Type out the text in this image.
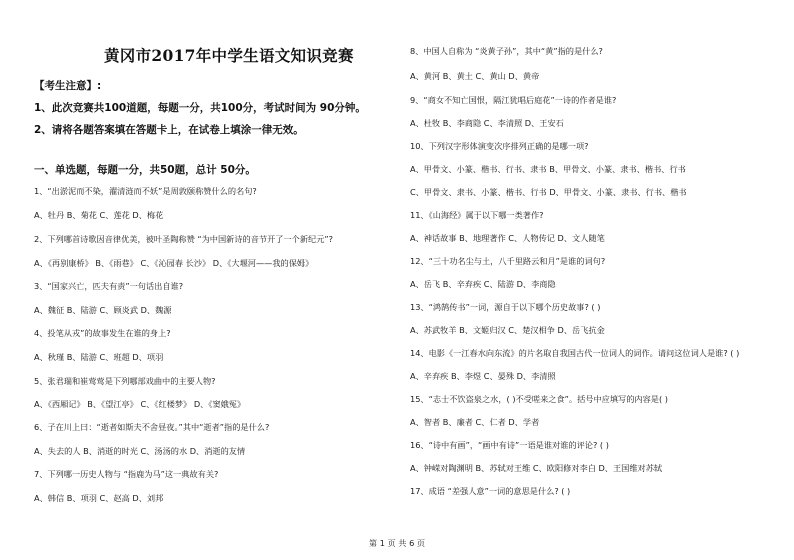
黄冈市2017年中学生语文知识竞赛
【考生注意】:
1、此次竞赛共100道题，每题一分，共100分，考试时间为 90分钟。
2、请将各题答案填在答题卡上，在试卷上填涂一律无效。
一、单选题，每题一分，共50题，总计 50分。
1、“出淤泥而不染，濯清涟而不妖”是周敦颐称赞什么的名句?
A、牡丹 B、菊花 C、莲花 D、梅花
2、下列哪首诗歌因音律优美，被叶圣陶称赞 “为中国新诗的音节开了一个新纪元”?
A、《再别康桥》 B、《雨巷》 C、《沁园春 长沙》 D、《大堰河——我的保姆》
3、“国家兴亡，匹夫有责”一句话出自谁?
A、魏征 B、陆游 C、顾炎武 D、魏源
4、投笔从戎”的故事发生在谁的身上?
A、秋瑾 B、陆游 C、班超 D、项羽
5、张君瑞和崔莺莺是下列哪部戏曲中的主要人物?
A、《西厢记》 B、《望江亭》 C、《红楼梦》 D、《窦娥冤》
6、子在川上曰：“逝者如斯夫不舍昼夜。”其中“逝者”指的是什么?
A、失去的人 B、消逝的时光 C、汤汤的水 D、消逝的友情
7、下列哪一历史人物与 “指鹿为马”这一典故有关?
A、韩信 B、项羽 C、赵高 D、刘邦
8、中国人自称为 “炎黄子孙”，其中“黄”指的是什么?
A、黄河 B、黄土 C、黄山 D、黄帝
9、“商女不知亡国恨，隔江犹唱后庭花”一诗的作者是谁?
A、杜牧 B、李商隐 C、李清照 D、王安石
10、下列汉字形体演变次序排列正确的是哪一项?
A、甲骨文、小篆、楷书、行书、隶书 B、甲骨文、小篆、隶书、楷书、行书
C、甲骨文、隶书、小篆、楷书、行书 D、甲骨文、小篆、隶书、行书、楷书
11、《山海经》属于以下哪一类著作?
A、神话故事 B、地理著作 C、人物传记 D、文人随笔
12、“三十功名尘与土，八千里路云和月”是谁的词句?
A、岳飞 B、辛弃疾 C、陆游 D、李商隐
13、“鸿鹄传书”一词，源自于以下哪个历史故事? ( )
A、苏武牧羊 B、文姬归汉 C、楚汉相争 D、岳飞抗金
14、电影《一江春水向东流》的片名取自我国古代一位词人的词作。请问这位词人是谁? ( )
A、辛弃疾 B、李煜 C、晏殊 D、李清照
15、“志士不饮盗泉之水，( )不受嗟来之食”。括号中应填写的内容是( )
A、智者 B、廉者 C、仁者 D、学者
16、“诗中有画”，“画中有诗”一语是谁对谁的评论? ( )
A、钟嵘对陶渊明 B、苏轼对王维 C、欧阳修对李白 D、王国维对苏轼
17、成语 “差强人意”一词的意思是什么? ( )
第 1 页 共 6 页
